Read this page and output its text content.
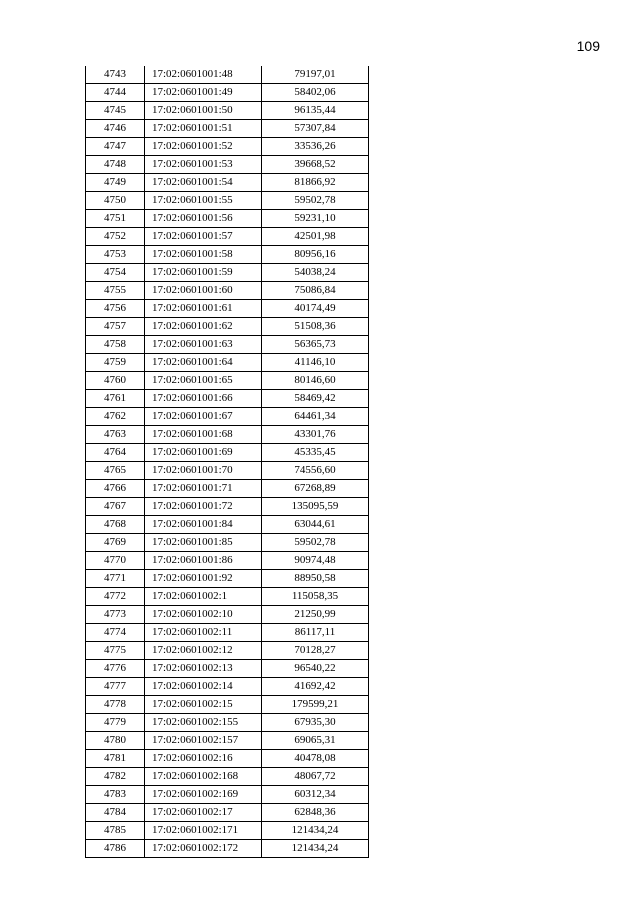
109
4743	17:02:0601001:48	79197,01
4744	17:02:0601001:49	58402,06
4745	17:02:0601001:50	96135,44
4746	17:02:0601001:51	57307,84
4747	17:02:0601001:52	33536,26
4748	17:02:0601001:53	39668,52
4749	17:02:0601001:54	81866,92
4750	17:02:0601001:55	59502,78
4751	17:02:0601001:56	59231,10
4752	17:02:0601001:57	42501,98
4753	17:02:0601001:58	80956,16
4754	17:02:0601001:59	54038,24
4755	17:02:0601001:60	75086,84
4756	17:02:0601001:61	40174,49
4757	17:02:0601001:62	51508,36
4758	17:02:0601001:63	56365,73
4759	17:02:0601001:64	41146,10
4760	17:02:0601001:65	80146,60
4761	17:02:0601001:66	58469,42
4762	17:02:0601001:67	64461,34
4763	17:02:0601001:68	43301,76
4764	17:02:0601001:69	45335,45
4765	17:02:0601001:70	74556,60
4766	17:02:0601001:71	67268,89
4767	17:02:0601001:72	135095,59
4768	17:02:0601001:84	63044,61
4769	17:02:0601001:85	59502,78
4770	17:02:0601001:86	90974,48
4771	17:02:0601001:92	88950,58
4772	17:02:0601002:1	115058,35
4773	17:02:0601002:10	21250,99
4774	17:02:0601002:11	86117,11
4775	17:02:0601002:12	70128,27
4776	17:02:0601002:13	96540,22
4777	17:02:0601002:14	41692,42
4778	17:02:0601002:15	179599,21
4779	17:02:0601002:155	67935,30
4780	17:02:0601002:157	69065,31
4781	17:02:0601002:16	40478,08
4782	17:02:0601002:168	48067,72
4783	17:02:0601002:169	60312,34
4784	17:02:0601002:17	62848,36
4785	17:02:0601002:171	121434,24
4786	17:02:0601002:172	121434,24
